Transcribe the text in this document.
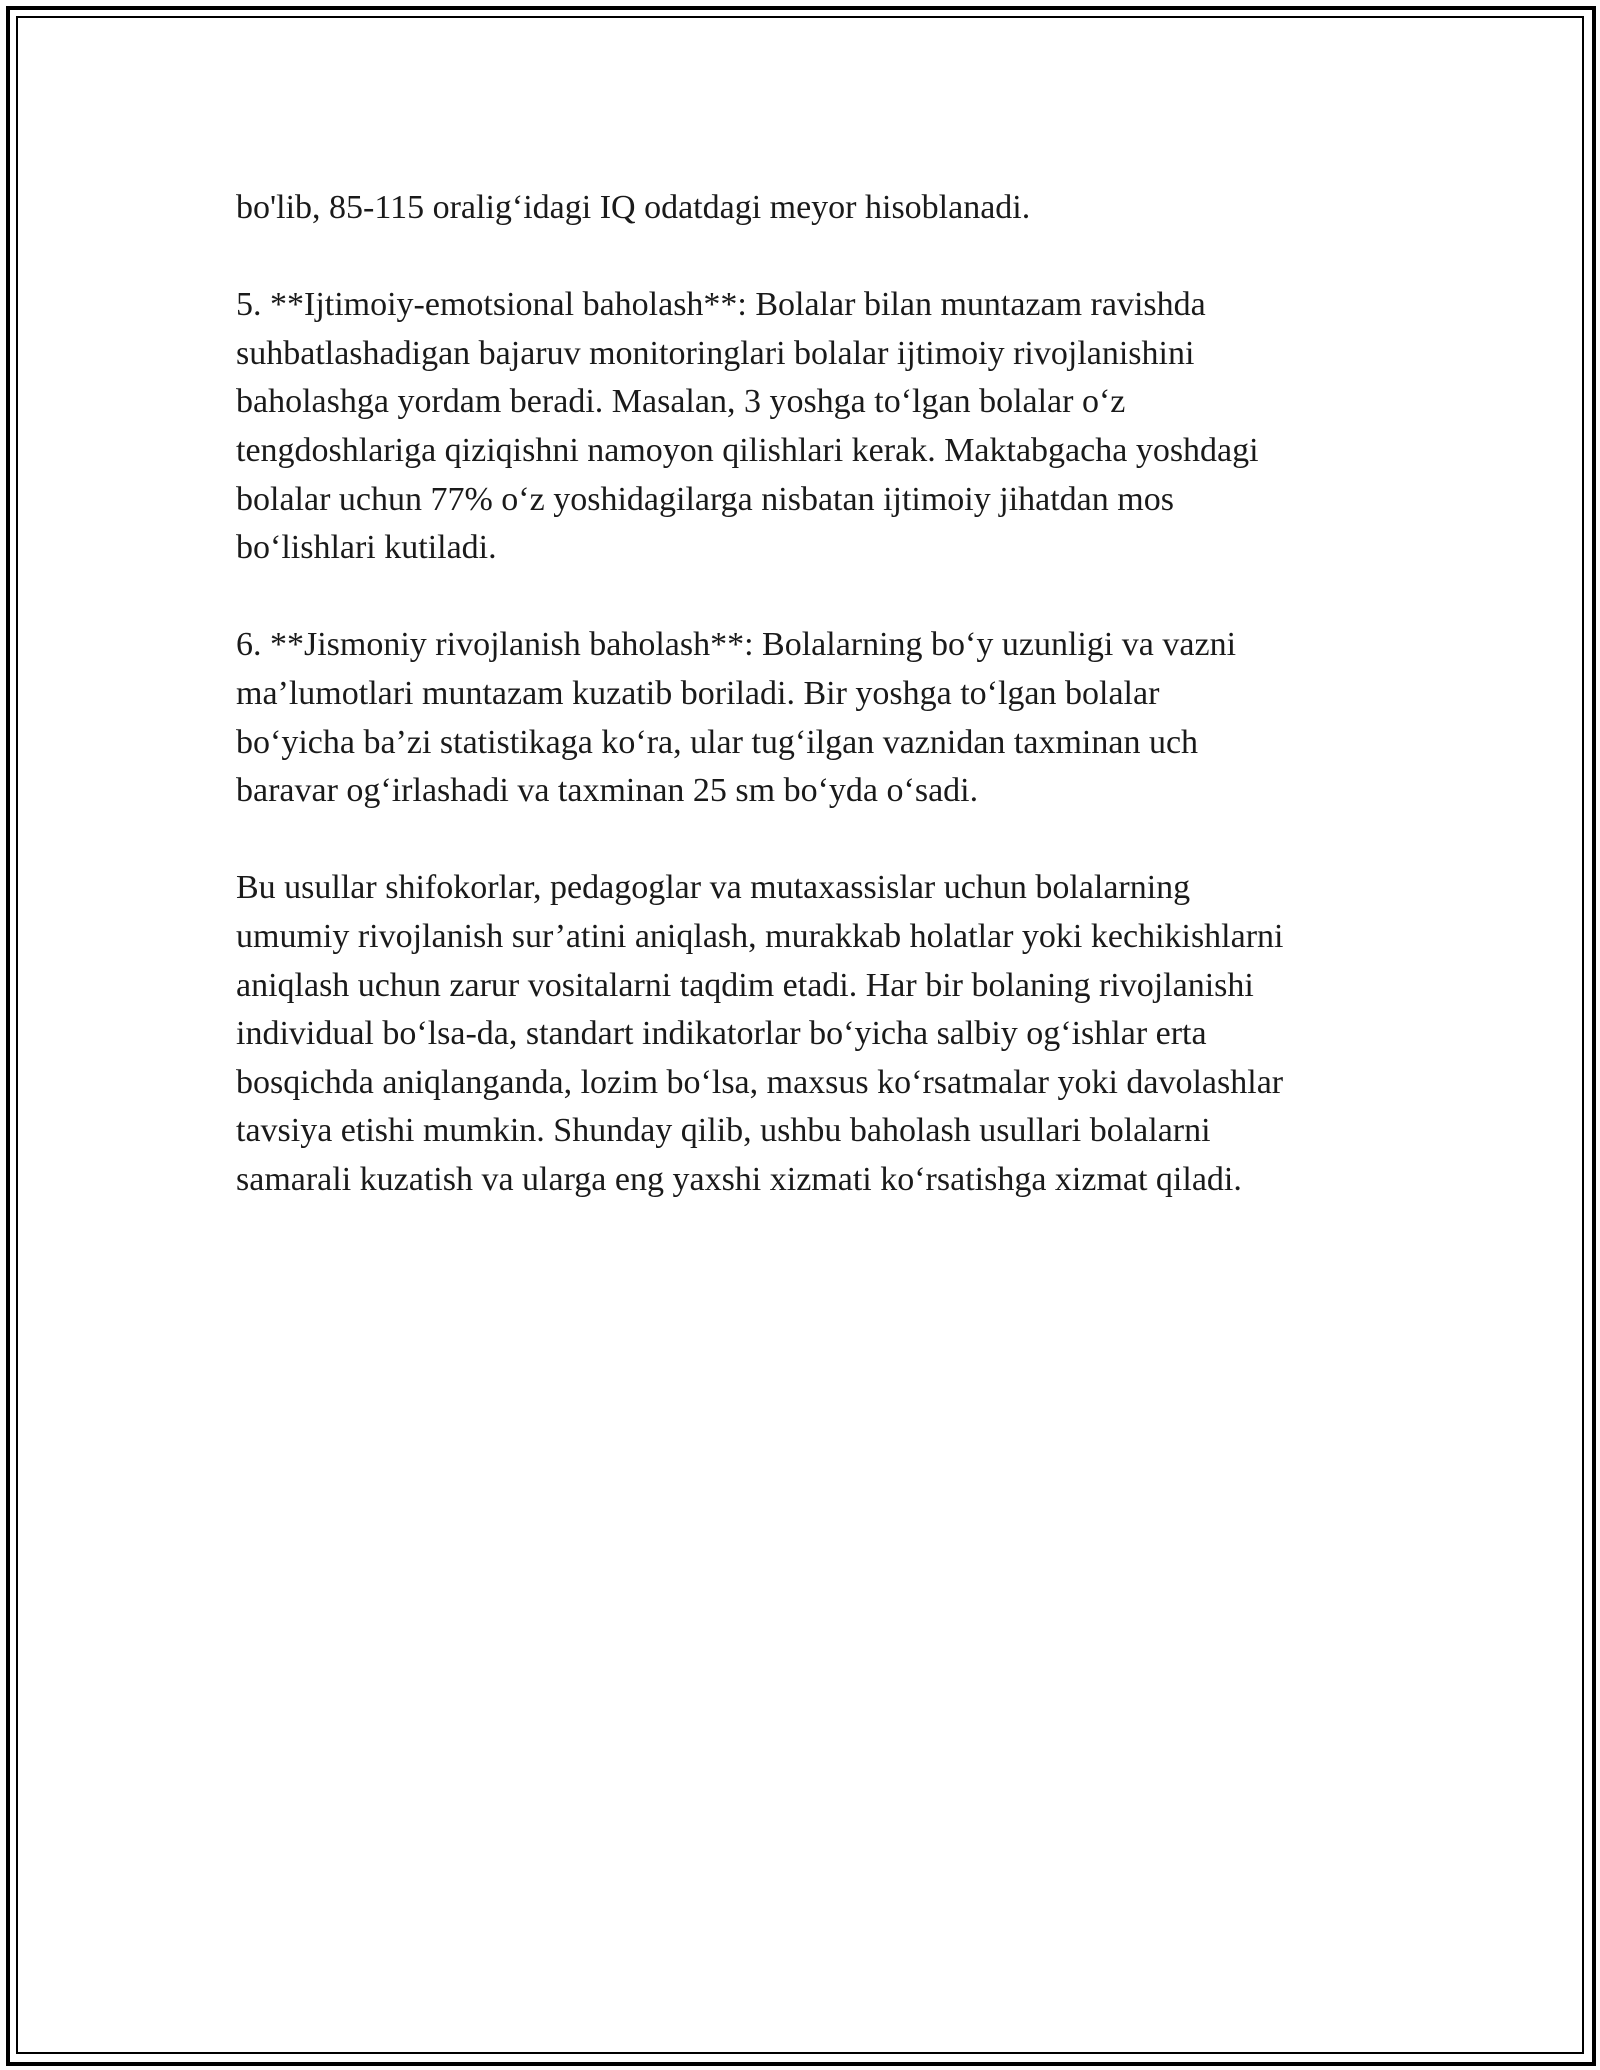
bo'lib, 85-115 oralig‘idagi IQ odatdagi meyor hisoblanadi.

5. **Ijtimoiy-emotsional baholash**: Bolalar bilan muntazam ravishda
suhbatlashadigan bajaruv monitoringlari bolalar ijtimoiy rivojlanishini
baholashga yordam beradi. Masalan, 3 yoshga to‘lgan bolalar o‘z
tengdoshlariga qiziqishni namoyon qilishlari kerak. Maktabgacha yoshdagi
bolalar uchun 77% o‘z yoshidagilarga nisbatan ijtimoiy jihatdan mos
bo‘lishlari kutiladi.

6. **Jismoniy rivojlanish baholash**: Bolalarning bo‘y uzunligi va vazni
ma’lumotlari muntazam kuzatib boriladi. Bir yoshga to‘lgan bolalar
bo‘yicha ba’zi statistikaga ko‘ra, ular tug‘ilgan vaznidan taxminan uch
baravar og‘irlashadi va taxminan 25 sm bo‘yda o‘sadi.

Bu usullar shifokorlar, pedagoglar va mutaxassislar uchun bolalarning
umumiy rivojlanish sur’atini aniqlash, murakkab holatlar yoki kechikishlarni
aniqlash uchun zarur vositalarni taqdim etadi. Har bir bolaning rivojlanishi
individual bo‘lsa-da, standart indikatorlar bo‘yicha salbiy og‘ishlar erta
bosqichda aniqlanganda, lozim bo‘lsa, maxsus ko‘rsatmalar yoki davolashlar
tavsiya etishi mumkin. Shunday qilib, ushbu baholash usullari bolalarni
samarali kuzatish va ularga eng yaxshi xizmati ko‘rsatishga xizmat qiladi.
